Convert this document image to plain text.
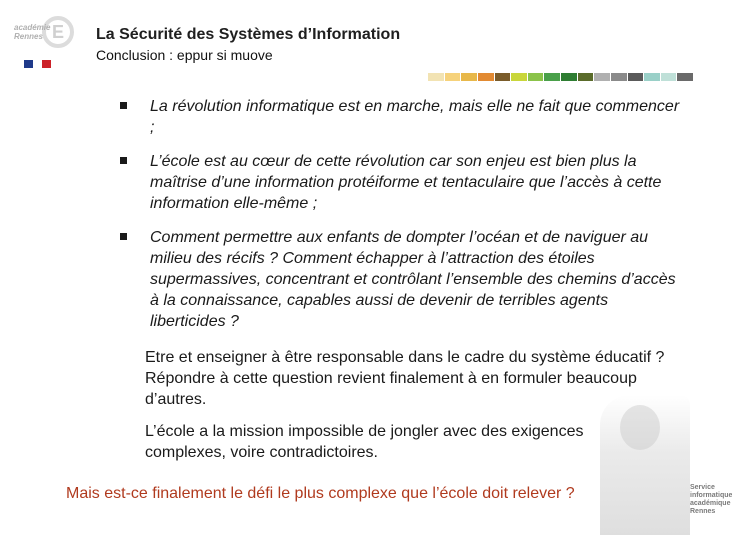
E
académie Rennes	La Sécurité des Systèmes d’Information
Conclusion : eppur si muove
La révolution informatique est en marche, mais elle ne fait que commencer ;
L’école est au cœur de cette révolution car son enjeu est bien plus la maîtrise d’une information protéiforme et tentaculaire que l’accès à cette information elle-même ;
Comment permettre aux enfants de dompter l’océan et de naviguer au milieu des récifs ? Comment échapper à l’attraction des étoiles supermassives, concentrant et contrôlant l’ensemble des chemins d’accès à la connaissance, capables aussi de devenir de terribles agents liberticides ?
Etre et enseigner à être responsable dans le cadre du système éducatif ? Répondre à cette question revient finalement à en formuler beaucoup d’autres.
L’école a la mission impossible de jongler avec des exigences complexes, voire contradictoires.
Service informatique académique Rennes
Mais est-ce finalement le défi le plus complexe que l’école doit relever ?
